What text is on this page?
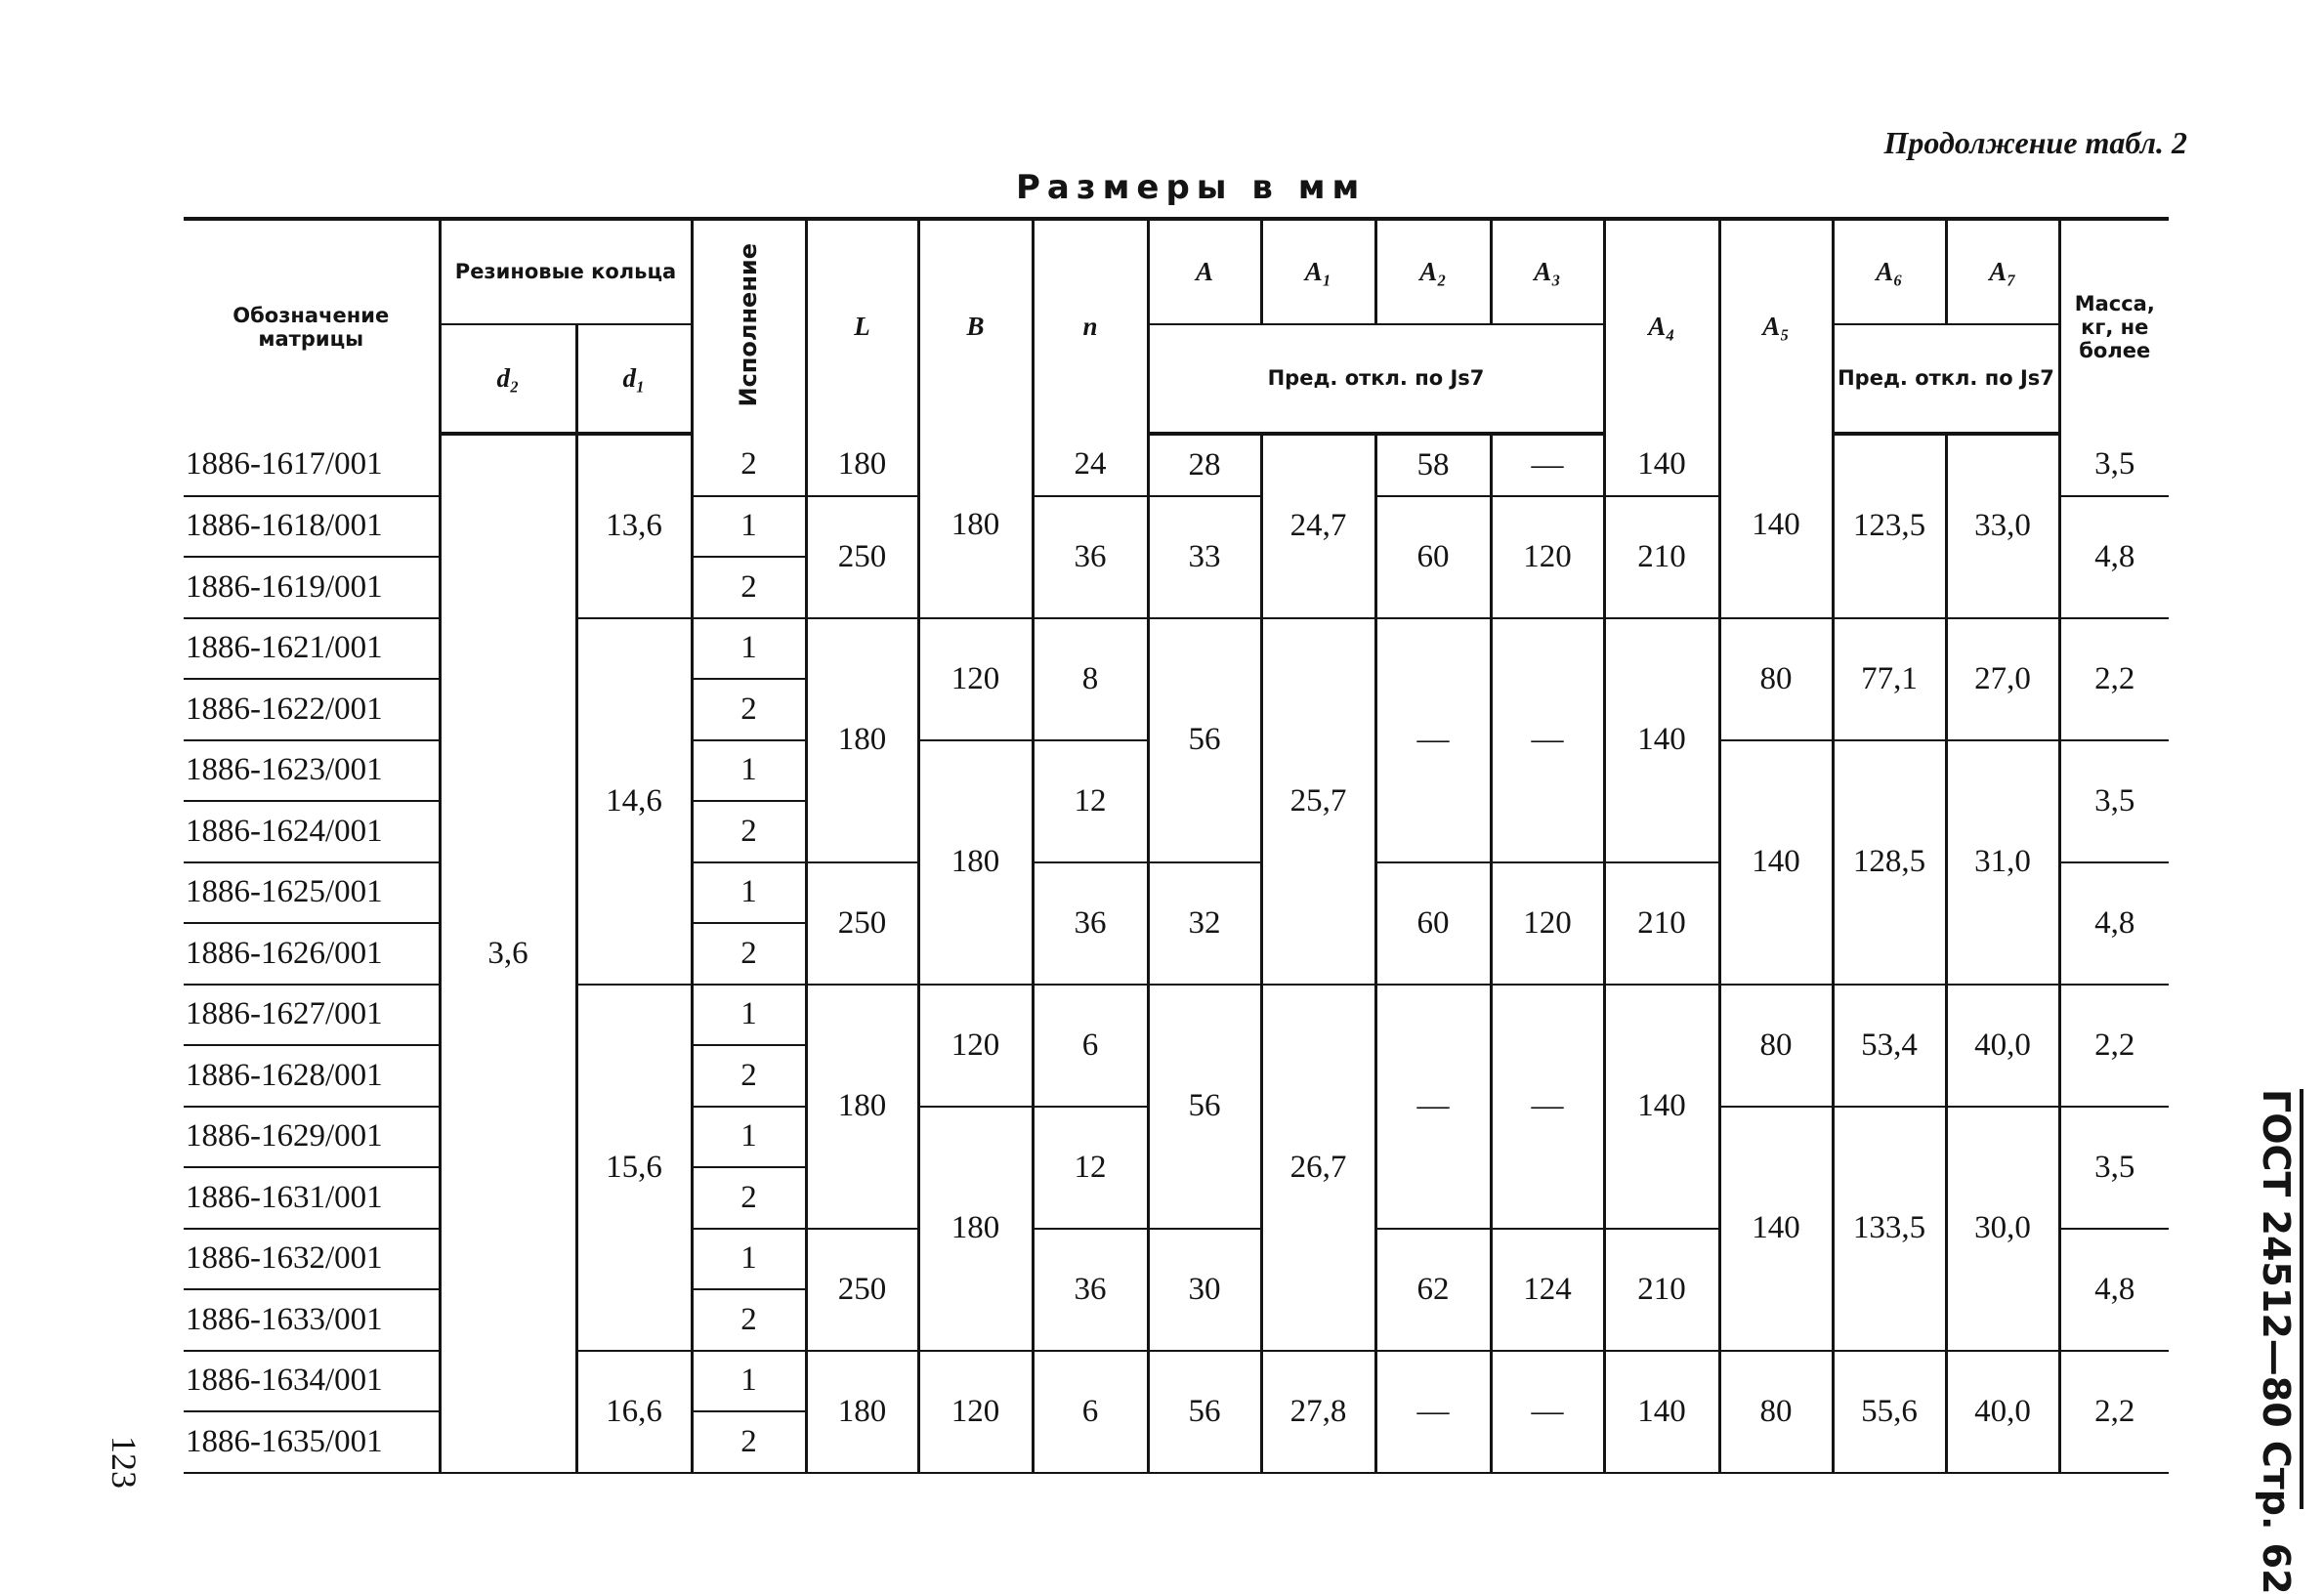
Продолжение табл. 2
Размеры в мм
ГОСТ 24512—80 Стр. 62
123
Обозначение матрицы	Резиновые кольца		Исполнение	L	B	n	A	A₁	A₂	A₃	A₄	A₅	A₆	A₇	Масса, кг, не более
	d₂	d₁					Пред. откл. по Js7						Пред. откл. по Js7		
1886-1617/001	3,6	13,6	2	180	180	24	28	24,7	58	—	140	140	123,5	33,0	3,5
1886-1618/001			1	250		36	33		60	120	210				4,8
1886-1619/001			2												
1886-1621/001		14,6	1	180	120	8	56	25,7	—	—	140	80	77,1	27,0	2,2
1886-1622/001			2												
1886-1623/001			1		180	12						140	128,5	31,0	3,5
1886-1624/001			2												
1886-1625/001			1	250		36	32		60	120	210				4,8
1886-1626/001			2												
1886-1627/001		15,6	1	180	120	6	56	26,7	—	—	140	80	53,4	40,0	2,2
1886-1628/001			2												
1886-1629/001			1		180	12						140	133,5	30,0	3,5
1886-1631/001			2												
1886-1632/001			1	250		36	30		62	124	210				4,8
1886-1633/001			2												
1886-1634/001		16,6	1	180	120	6	56	27,8	—	—	140	80	55,6	40,0	2,2
1886-1635/001			2												
